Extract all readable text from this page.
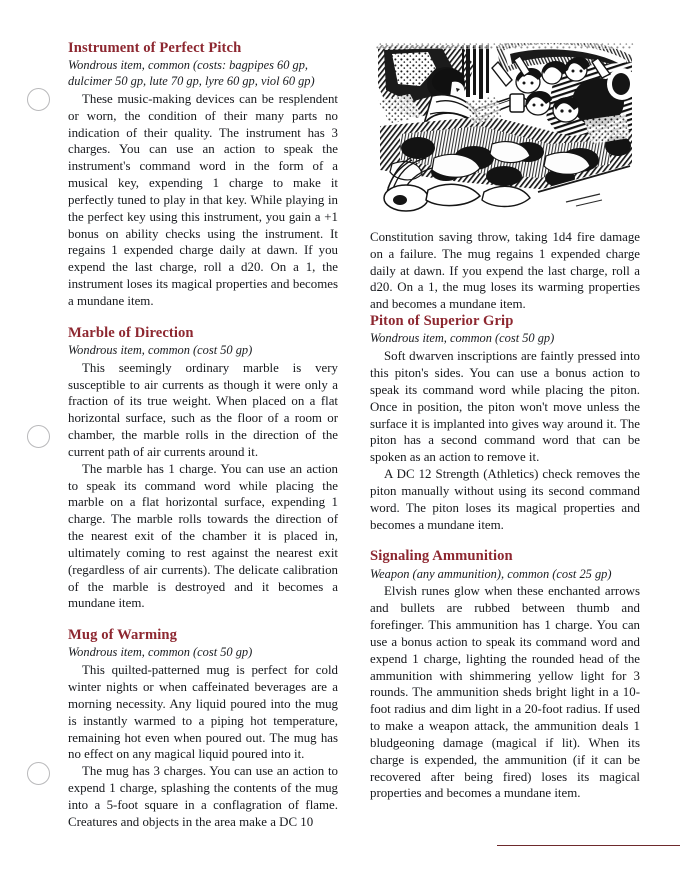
Instrument of Perfect Pitch
Wondrous item, common (costs: bagpipes 60 gp, dulcimer 50 gp, lute 70 gp, lyre 60 gp, viol 60 gp)

These music-making devices can be resplendent or worn, the condition of their many parts no indication of their quality. The instrument has 3 charges. You can use an action to speak the instrument's command word in the form of a musical key, expending 1 charge to make it perfectly tuned to play in that key. While playing in the perfect key using this instrument, you gain a +1 bonus on ability checks using the instrument. It regains 1 expended charge daily at dawn. If you expend the last charge, roll a d20. On a 1, the instrument loses its magical properties and becomes a mundane item.

Marble of Direction
Wondrous item, common (cost 50 gp)

This seemingly ordinary marble is very susceptible to air currents as though it were only a fraction of its true weight. When placed on a flat horizontal surface, such as the floor of a room or chamber, the marble rolls in the direction of the current path of air currents around it.

The marble has 1 charge. You can use an action to speak its command word while placing the marble on a flat horizontal surface, expending 1 charge. The marble rolls towards the direction of the nearest exit of the chamber it is placed in, ultimately coming to rest against the nearest exit (regardless of air currents). The delicate calibration of the marble is destroyed and it becomes a mundane item.

Mug of Warming
Wondrous item, common (cost 50 gp)

This quilted-patterned mug is perfect for cold winter nights or when caffeinated beverages are a morning necessity. Any liquid poured into the mug is instantly warmed to a piping hot temperature, remaining hot even when poured out. The mug has no effect on any magical liquid poured into it.

The mug has 3 charges. You can use an action to expend 1 charge, splashing the contents of the mug into a 5-foot square in a conflagration of flame. Creatures and objects in the area make a DC 10

Constitution saving throw, taking 1d4 fire damage on a failure. The mug regains 1 expended charge daily at dawn. If you expend the last charge, roll a d20. On a 1, the mug loses its warming properties and becomes a mundane item.

Piton of Superior Grip
Wondrous item, common (cost 50 gp)

Soft dwarven inscriptions are faintly pressed into this piton's sides. You can use a bonus action to speak its command word while placing the piton. Once in position, the piton won't move unless the surface it is implanted into gives way around it. The piton has a second command word that can be spoken as an action to remove it.

A DC 12 Strength (Athletics) check removes the piton manually without using its second command word. The piton loses its magical properties and becomes a mundane item.

Signaling Ammunition
Weapon (any ammunition), common (cost 25 gp)

Elvish runes glow when these enchanted arrows and bullets are rubbed between thumb and forefinger. This ammunition has 1 charge. You can use a bonus action to speak its command word and expend 1 charge, lighting the rounded head of the ammunition with shimmering yellow light for 3 rounds. The ammunition sheds bright light in a 10-foot radius and dim light in a 20-foot radius. If used to make a weapon attack, the ammunition deals 1 bludgeoning damage (magical if lit). When its charge is expended, the ammunition (if it can be recovered after being fired) loses its magical properties and becomes a mundane item.
